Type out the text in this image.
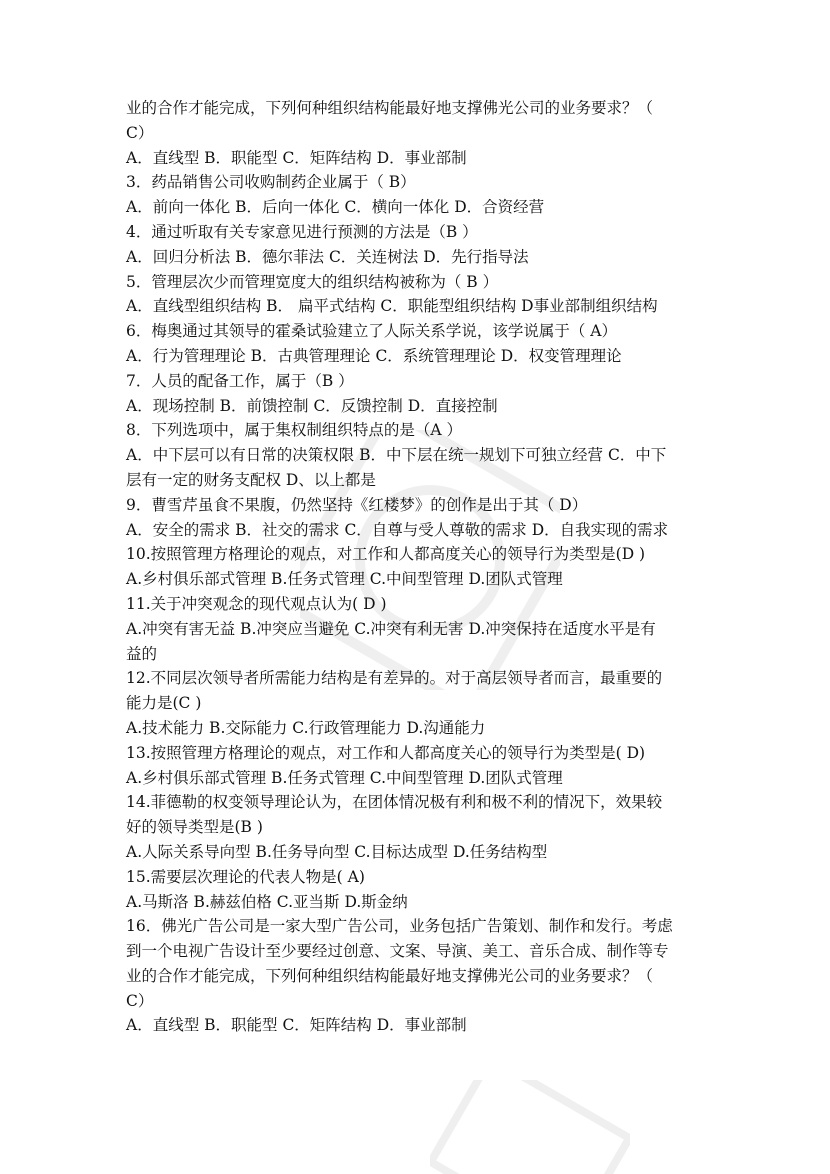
业的合作才能完成，下列何种组织结构能最好地支撑佛光公司的业务要求？（
C）
A．直线型 B．职能型 C．矩阵结构 D．事业部制
3．药品销售公司收购制药企业属于（ B）
A．前向一体化 B．后向一体化 C．横向一体化 D．合资经营
4．通过听取有关专家意见进行预测的方法是（B ）
A．回归分析法 B．德尔菲法 C．关连树法 D．先行指导法
5．管理层次少而管理宽度大的组织结构被称为（ B ）
A．直线型组织结构 B． 扁平式结构 C．职能型组织结构 D事业部制组织结构
6．梅奥通过其领导的霍桑试验建立了人际关系学说，该学说属于（ A）
A．行为管理理论 B．古典管理理论 C．系统管理理论 D．权变管理理论
7．人员的配备工作，属于（B ）
A．现场控制 B．前馈控制 C．反馈控制 D．直接控制
8．下列选项中，属于集权制组织特点的是（A ）
A．中下层可以有日常的决策权限 B．中下层在统一规划下可独立经营 C．中下
层有一定的财务支配权 D、以上都是
9．曹雪芹虽食不果腹，仍然坚持《红楼梦》的创作是出于其（ D）
A．安全的需求 B．社交的需求 C．自尊与受人尊敬的需求 D．自我实现的需求
10.按照管理方格理论的观点，对工作和人都高度关心的领导行为类型是(D )
A.乡村俱乐部式管理 B.任务式管理 C.中间型管理 D.团队式管理
11.关于冲突观念的现代观点认为( D )
A.冲突有害无益 B.冲突应当避免 C.冲突有利无害 D.冲突保持在适度水平是有
益的
12.不同层次领导者所需能力结构是有差异的。对于高层领导者而言，最重要的
能力是(C )
A.技术能力 B.交际能力 C.行政管理能力 D.沟通能力
13.按照管理方格理论的观点，对工作和人都高度关心的领导行为类型是( D)
A.乡村俱乐部式管理 B.任务式管理 C.中间型管理 D.团队式管理
14.菲德勒的权变领导理论认为，在团体情况极有利和极不利的情况下，效果较
好的领导类型是(B )
A.人际关系导向型 B.任务导向型 C.目标达成型 D.任务结构型
15.需要层次理论的代表人物是( A)
A.马斯洛 B.赫兹伯格 C.亚当斯 D.斯金纳
16．佛光广告公司是一家大型广告公司，业务包括广告策划、制作和发行。考虑
到一个电视广告设计至少要经过创意、文案、导演、美工、音乐合成、制作等专
业的合作才能完成，下列何种组织结构能最好地支撑佛光公司的业务要求？（
C）
A．直线型 B．职能型 C．矩阵结构 D．事业部制
